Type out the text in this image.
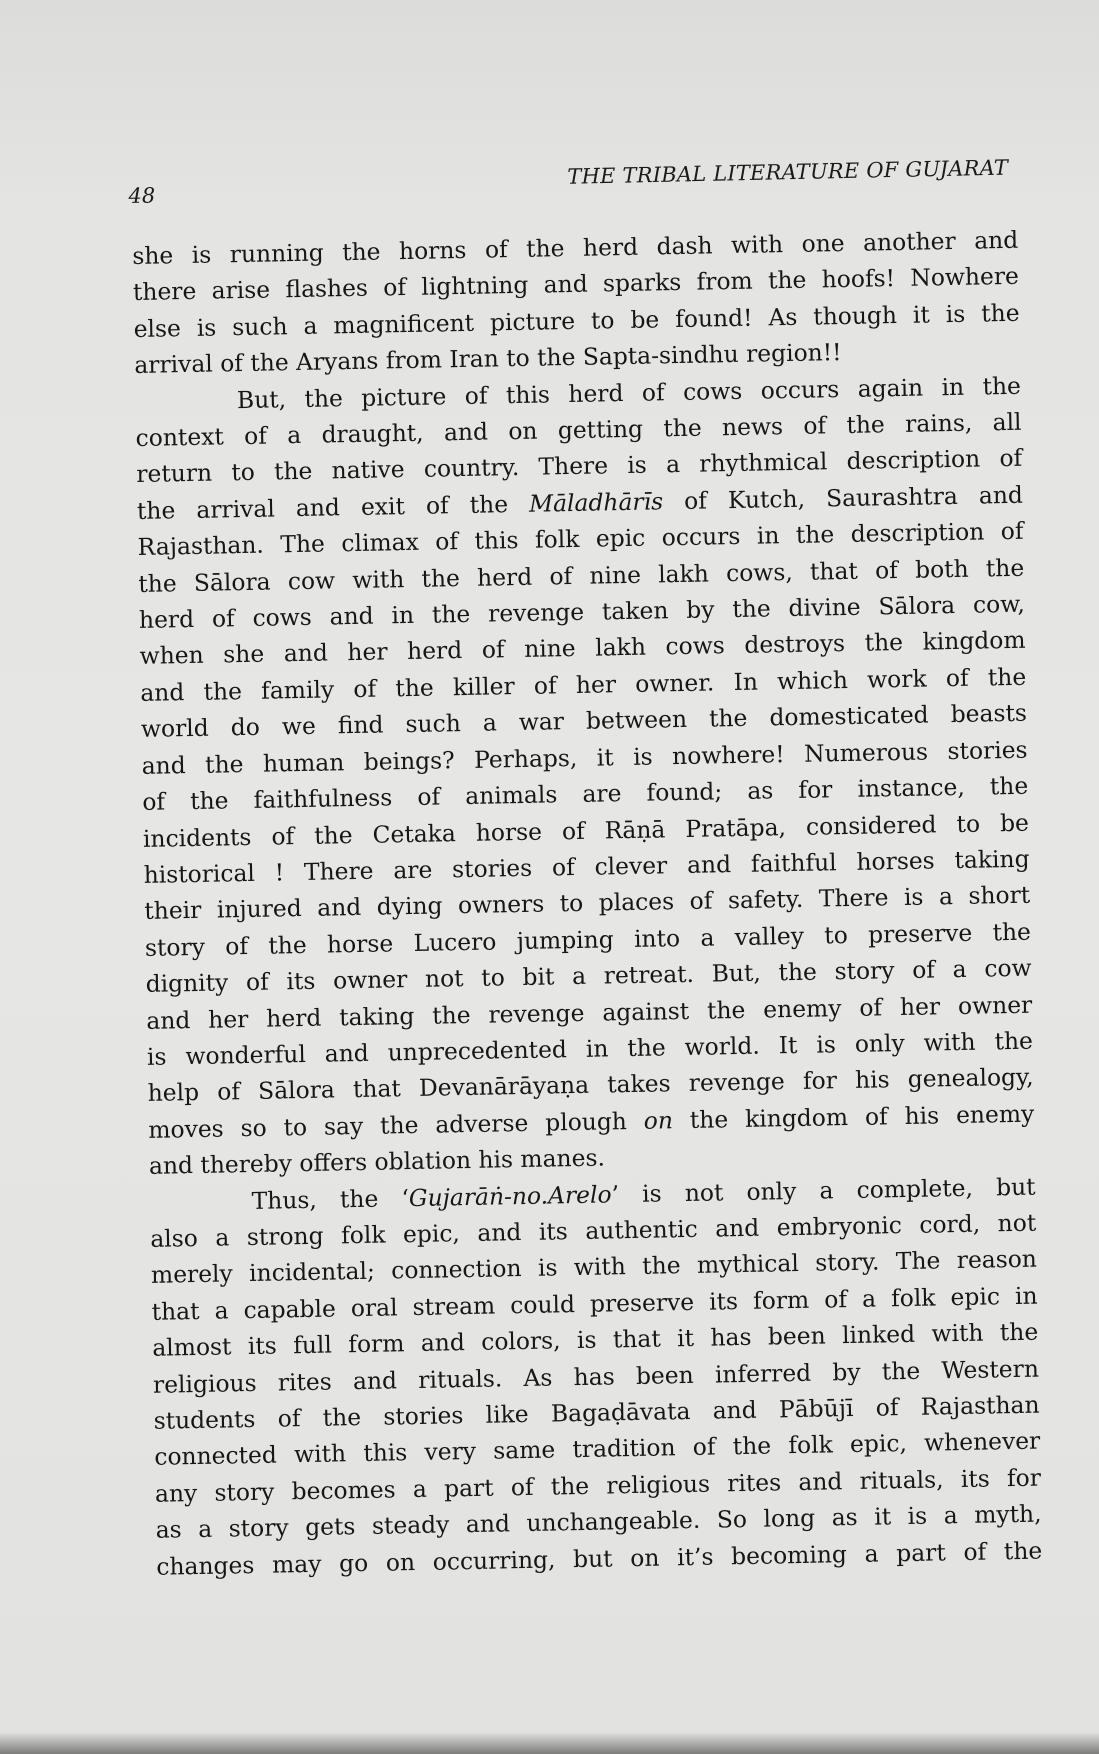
48
THE TRIBAL LITERATURE OF GUJARAT
she is running the horns of the herd dash with one another and
there arise flashes of lightning and sparks from the hoofs! Nowhere
else is such a magnificent picture to be found! As though it is the
arrival of the Aryans from Iran to the Sapta-sindhu region!!
But, the picture of this herd of cows occurs again in the
context of a draught, and on getting the news of the rains, all
return to the native country. There is a rhythmical description of
the arrival and exit of the Māladhārīs of Kutch, Saurashtra and
Rajasthan. The climax of this folk epic occurs in the description of
the Sālora cow with the herd of nine lakh cows, that of both the
herd of cows and in the revenge taken by the divine Sālora cow,
when she and her herd of nine lakh cows destroys the kingdom
and the family of the killer of her owner. In which work of the
world do we find such a war between the domesticated beasts
and the human beings? Perhaps, it is nowhere! Numerous stories
of the faithfulness of animals are found; as for instance, the
incidents of the Cetaka horse of Rāṇā Pratāpa, considered to be
historical ! There are stories of clever and faithful horses taking
their injured and dying owners to places of safety. There is a short
story of the horse Lucero jumping into a valley to preserve the
dignity of its owner not to bit a retreat. But, the story of a cow
and her herd taking the revenge against the enemy of her owner
is wonderful and unprecedented in the world. It is only with the
help of Sālora that Devanārāyaṇa takes revenge for his genealogy,
moves so to say the adverse plough on the kingdom of his enemy
and thereby offers oblation his manes.
Thus, the ‘Gujarāṅ-no.Arelo’ is not only a complete, but
also a strong folk epic, and its authentic and embryonic cord, not
merely incidental; connection is with the mythical story. The reason
that a capable oral stream could preserve its form of a folk epic in
almost its full form and colors, is that it has been linked with the
religious rites and rituals. As has been inferred by the Western
students of the stories like Bagaḍāvata and Pābūjī of Rajasthan
connected with this very same tradition of the folk epic, whenever
any story becomes a part of the religious rites and rituals, its for
as a story gets steady and unchangeable. So long as it is a myth,
changes may go on occurring, but on it’s becoming a part of the
